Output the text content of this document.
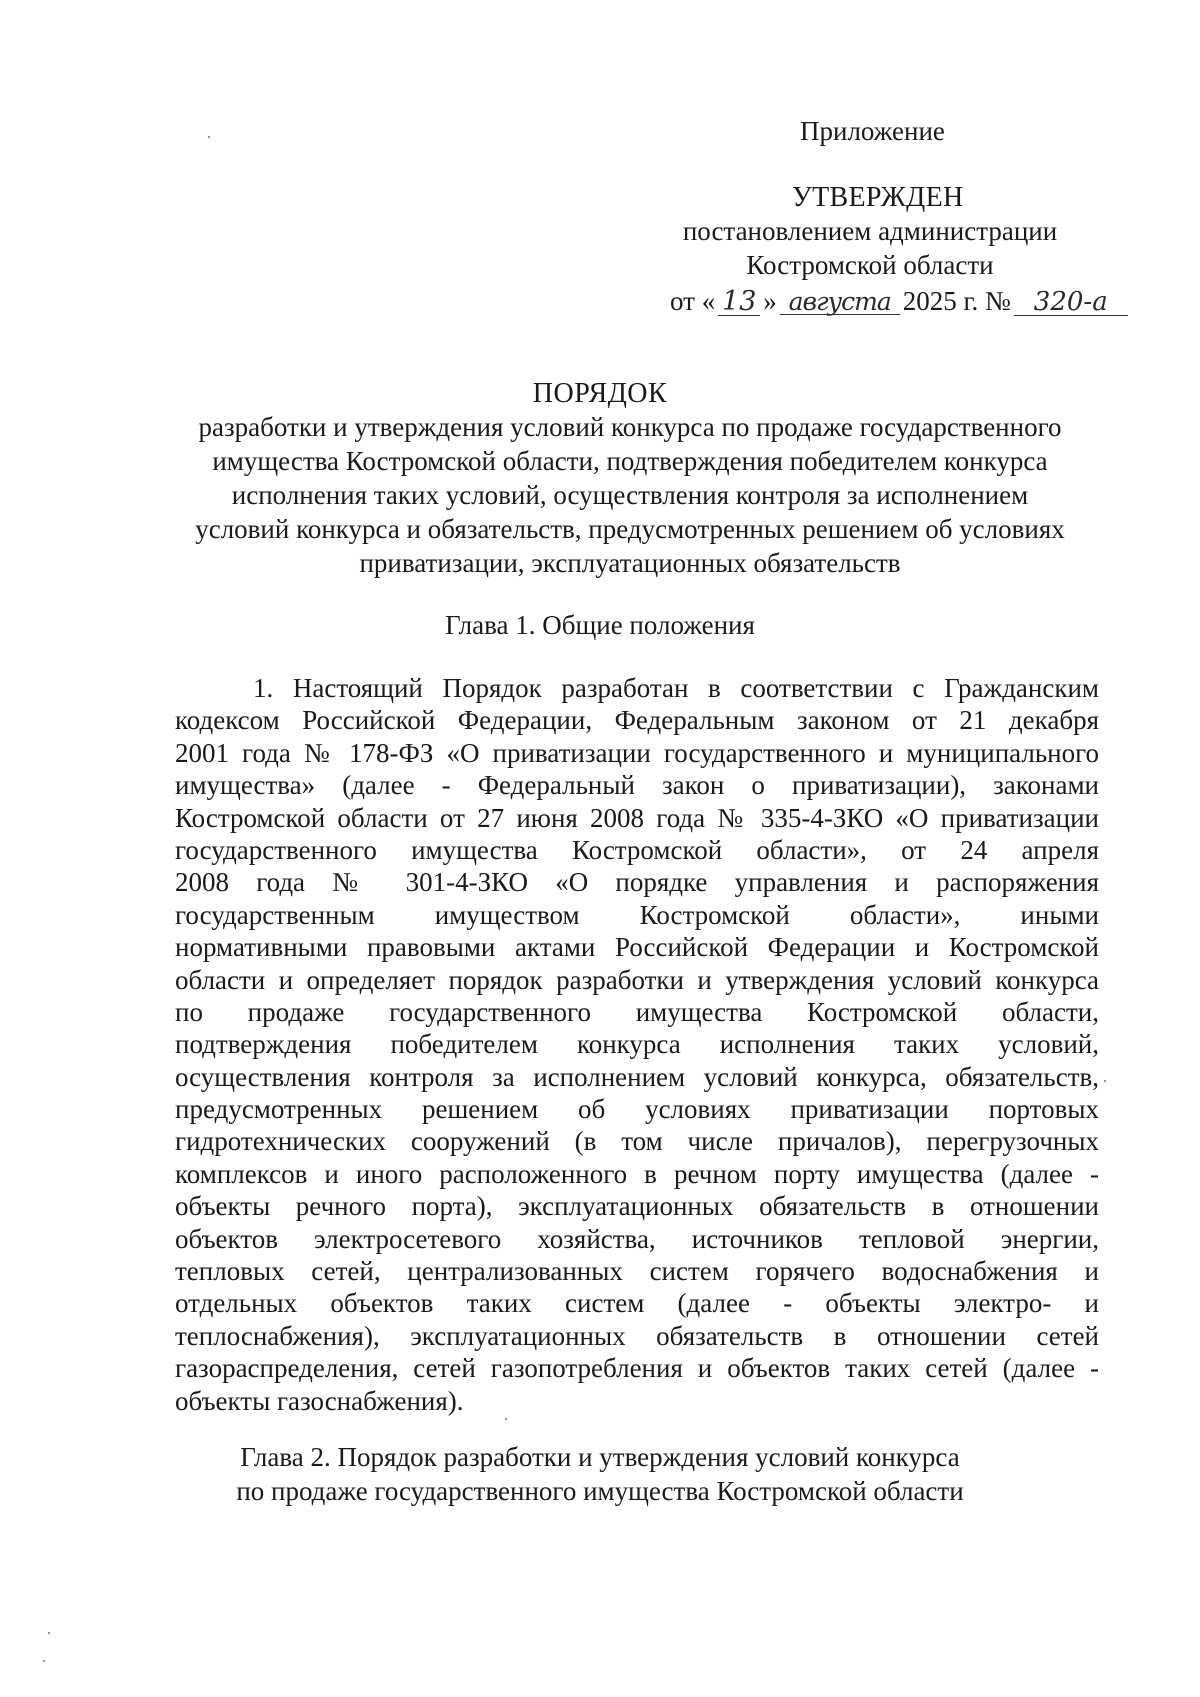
Приложение
УТВЕРЖДЕН
постановлением администрации
Костромской области
от « 13 » августа 2025 г. № 320-а
ПОРЯДОК
разработки и утверждения условий конкурса по продаже государственного
имущества Костромской области, подтверждения победителем конкурса
исполнения таких условий, осуществления контроля за исполнением
условий конкурса и обязательств, предусмотренных решением об условиях
приватизации, эксплуатационных обязательств
Глава 1. Общие положения
1. Настоящий Порядок разработан в соответствии с Гражданским
кодексом Российской Федерации, Федеральным законом от 21 декабря
2001 года № 178-ФЗ «О приватизации государственного и муниципального
имущества» (далее - Федеральный закон о приватизации), законами
Костромской области от 27 июня 2008 года № 335-4-ЗКО «О приватизации
государственного имущества Костромской области», от 24 апреля
2008 года № 301-4-ЗКО «О порядке управления и распоряжения
государственным имуществом Костромской области», иными
нормативными правовыми актами Российской Федерации и Костромской
области и определяет порядок разработки и утверждения условий конкурса
по продаже государственного имущества Костромской области,
подтверждения победителем конкурса исполнения таких условий,
осуществления контроля за исполнением условий конкурса, обязательств,
предусмотренных решением об условиях приватизации портовых
гидротехнических сооружений (в том числе причалов), перегрузочных
комплексов и иного расположенного в речном порту имущества (далее -
объекты речного порта), эксплуатационных обязательств в отношении
объектов электросетевого хозяйства, источников тепловой энергии,
тепловых сетей, централизованных систем горячего водоснабжения и
отдельных объектов таких систем (далее - объекты электро- и
теплоснабжения), эксплуатационных обязательств в отношении сетей
газораспределения, сетей газопотребления и объектов таких сетей (далее -
объекты газоснабжения).
Глава 2. Порядок разработки и утверждения условий конкурса
по продаже государственного имущества Костромской области
